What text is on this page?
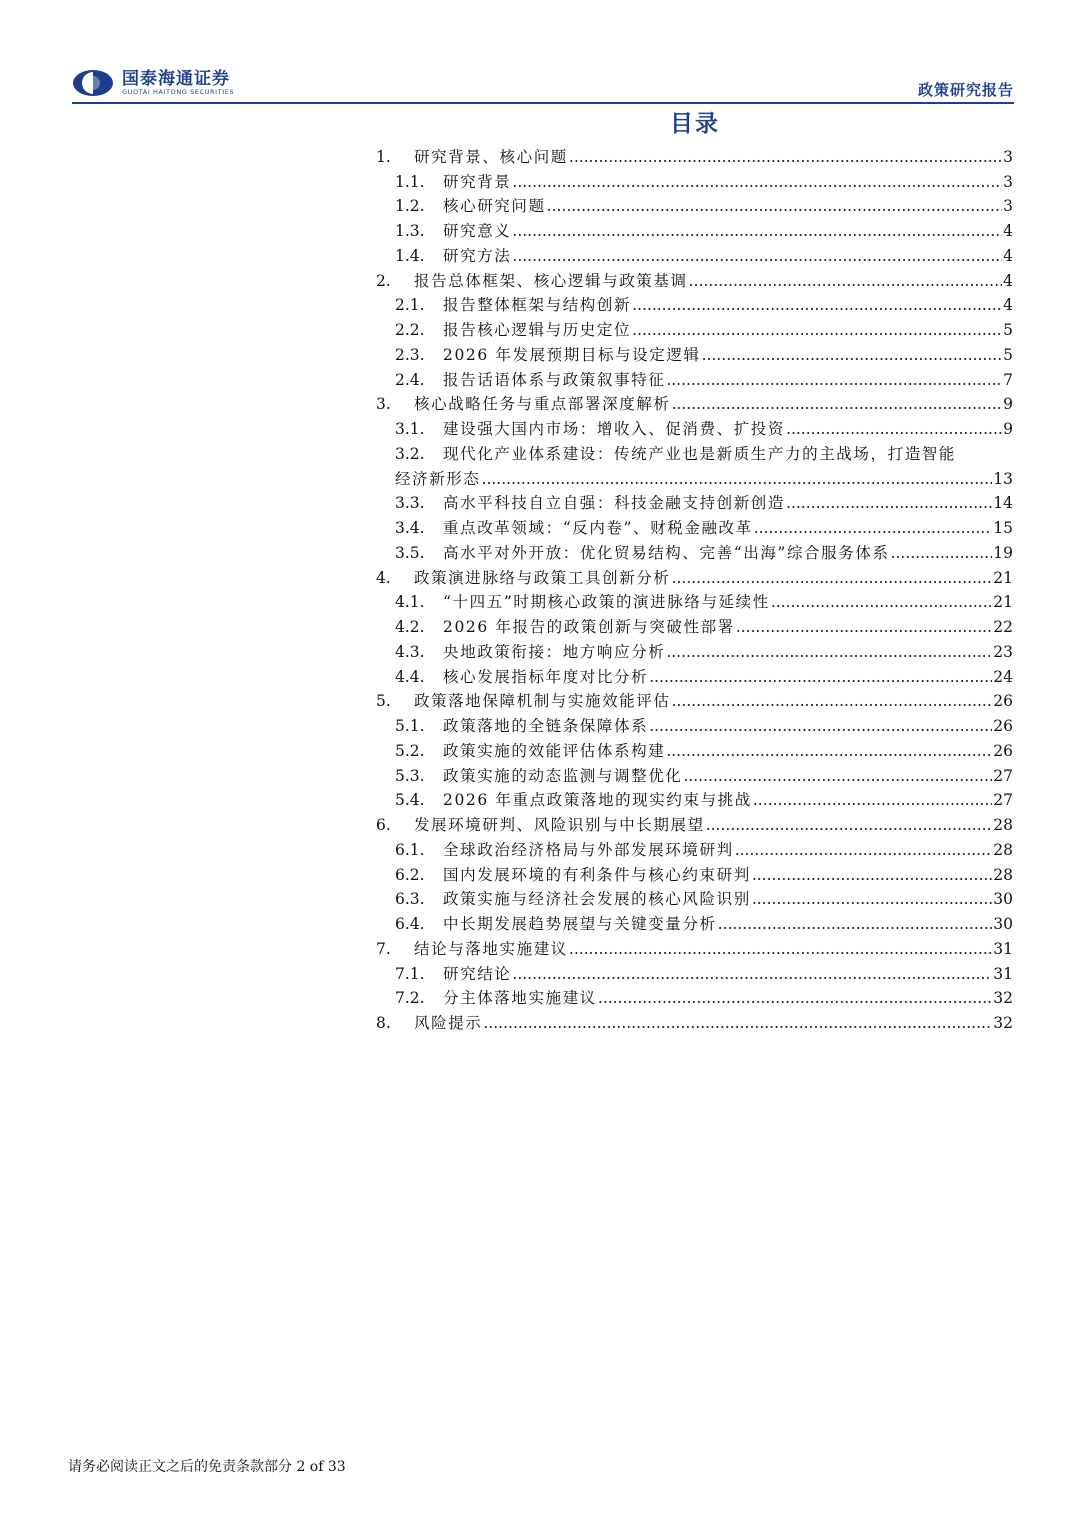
国泰海通证券
GUOTAI HAITONG SECURITIES	政策研究报告
目录
1.	研究背景、核心问题 .....	3
1.1.	研究背景 .....	3
1.2.	核心研究问题 .....	3
1.3.	研究意义 .....	4
1.4.	研究方法 .....	4
2.	报告总体框架、核心逻辑与政策基调 .....	4
2.1.	报告整体框架与结构创新 .....	4
2.2.	报告核心逻辑与历史定位 .....	5
2.3.	2026 年发展预期目标与设定逻辑 .....	5
2.4.	报告话语体系与政策叙事特征 .....	7
3.	核心战略任务与重点部署深度解析 .....	9
3.1.	建设强大国内市场：增收入、促消费、扩投资 .....	9
3.2.	现代化产业体系建设：传统产业也是新质生产力的主战场，打造智能
经济新形态 .....	13
3.3.	高水平科技自立自强：科技金融支持创新创造 .....	14
3.4.	重点改革领域：“反内卷”、财税金融改革 .....	15
3.5.	高水平对外开放：优化贸易结构、完善“出海”综合服务体系 .....	19
4.	政策演进脉络与政策工具创新分析 .....	21
4.1.	“十四五”时期核心政策的演进脉络与延续性 .....	21
4.2.	2026 年报告的政策创新与突破性部署 .....	22
4.3.	央地政策衔接：地方响应分析 .....	23
4.4.	核心发展指标年度对比分析 .....	24
5.	政策落地保障机制与实施效能评估 .....	26
5.1.	政策落地的全链条保障体系 .....	26
5.2.	政策实施的效能评估体系构建 .....	26
5.3.	政策实施的动态监测与调整优化 .....	27
5.4.	2026 年重点政策落地的现实约束与挑战 .....	27
6.	发展环境研判、风险识别与中长期展望 .....	28
6.1.	全球政治经济格局与外部发展环境研判 .....	28
6.2.	国内发展环境的有利条件与核心约束研判 .....	28
6.3.	政策实施与经济社会发展的核心风险识别 .....	30
6.4.	中长期发展趋势展望与关键变量分析 .....	30
7.	结论与落地实施建议 .....	31
7.1.	研究结论 .....	31
7.2.	分主体落地实施建议 .....	32
8.	风险提示 .....	32
请务必阅读正文之后的免责条款部分 2 of 33
